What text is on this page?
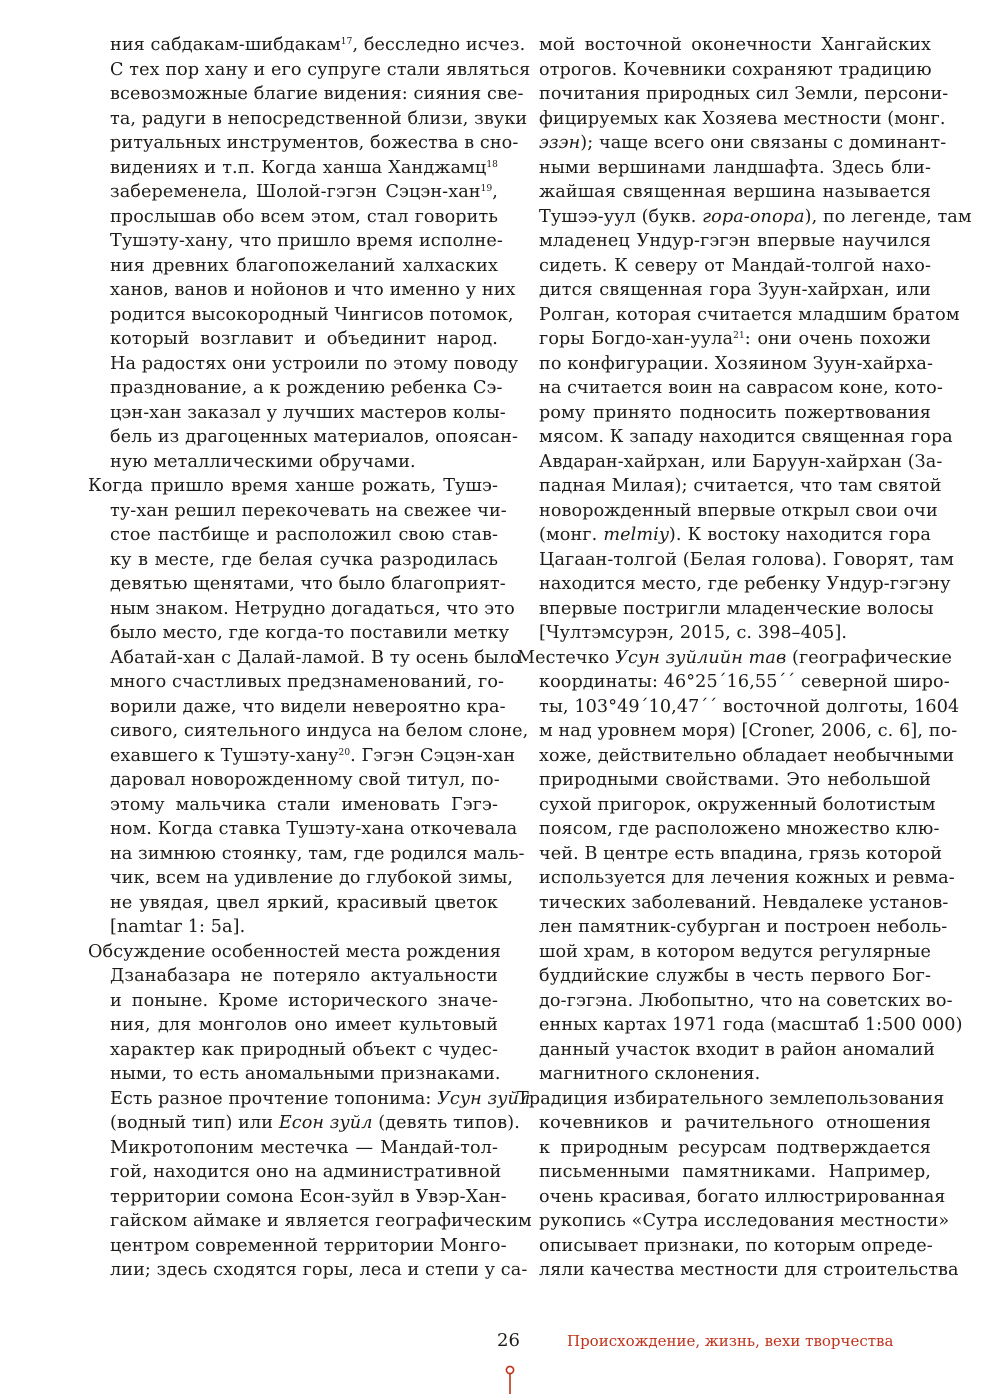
ния сабдакам-шибдакам$^{17}$, бесследно исчез.
С тех пор хану и его супруге стали являться
всевозможные благие видения: сияния све-
та, радуги в непосредственной близи, звуки
ритуальных инструментов, божества в сно-
видениях и т.п. Когда ханша Ханджамц$^{18}$
забеременела, Шолой-гэгэн Сэцэн-хан$^{19}$,
прослышав обо всем этом, стал говорить
Тушэту-хану, что пришло время исполне-
ния древних благопожеланий халхаских
ханов, ванов и нойонов и что именно у них
родится высокородный Чингисов потомок,
который возглавит и объединит народ.
На радостях они устроили по этому поводу
празднование, а к рождению ребенка Сэ-
цэн-хан заказал у лучших мастеров колы-
бель из драгоценных материалов, опоясан-
ную металлическими обручами.
Когда пришло время ханше рожать, Тушэ-
ту-хан решил перекочевать на свежее чи-
стое пастбище и расположил свою став-
ку в месте, где белая сучка разродилась
девятью щенятами, что было благоприят-
ным знаком. Нетрудно догадаться, что это
было место, где когда-то поставили метку
Абатай-хан с Далай-ламой. В ту осень было
много счастливых предзнаменований, го-
ворили даже, что видели невероятно кра-
сивого, сиятельного индуса на белом слоне,
ехавшего к Тушэту-хану$^{20}$. Гэгэн Сэцэн-хан
даровал новорожденному свой титул, по-
этому мальчика стали именовать Гэгэ-
ном. Когда ставка Тушэту-хана откочевала
на зимнюю стоянку, там, где родился маль-
чик, всем на удивление до глубокой зимы,
не увядая, цвел яркий, красивый цветок
[namtar 1: 5a].
Обсуждение особенностей места рождения
Дзанабазара не потеряло актуальности
и поныне. Кроме исторического значе-
ния, для монголов оно имеет культовый
характер как природный объект с чудес-
ными, то есть аномальными признаками.
Есть разное прочтение топонима: Усун зуйл
(водный тип) или Есон зуйл (девять типов).
Микротопоним местечка — Мандай-тол-
гой, находится оно на административной
территории сомона Есон-зуйл в Увэр-Хан-
гайском аймаке и является географическим
центром современной территории Монго-
лии; здесь сходятся горы, леса и степи у са-
мой восточной оконечности Хангайских
отрогов. Кочевники сохраняют традицию
почитания природных сил Земли, персони-
фицируемых как Хозяева местности (монг.
эзэн); чаще всего они связаны с доминант-
ными вершинами ландшафта. Здесь бли-
жайшая священная вершина называется
Тушээ-уул (букв. гора-опора), по легенде, там
младенец Ундур-гэгэн впервые научился
сидеть. К северу от Мандай-толгой нахо-
дится священная гора Зуун-хайрхан, или
Ролган, которая считается младшим братом
горы Богдо-хан-уула$^{21}$: они очень похожи
по конфигурации. Хозяином Зуун-хайрха-
на считается воин на саврасом коне, кото-
рому принято подносить пожертвования
мясом. К западу находится священная гора
Авдаран-хайрхан, или Баруун-хайрхан (За-
падная Милая); считается, что там святой
новорожденный впервые открыл свои очи
(монг. melmiy). К востоку находится гора
Цагаан-толгой (Белая голова). Говорят, там
находится место, где ребенку Ундур-гэгэну
впервые постригли младенческие волосы
[Чултэмсурэн, 2015, с. 398–405].
Местечко Усун зуйлийн тав (географические
координаты: 46°25´16,55´´ северной широ-
ты, 103°49´10,47´´ восточной долготы, 1604
м над уровнем моря) [Croner, 2006, с. 6], по-
хоже, действительно обладает необычными
природными свойствами. Это небольшой
сухой пригорок, окруженный болотистым
поясом, где расположено множество клю-
чей. В центре есть впадина, грязь которой
используется для лечения кожных и ревма-
тических заболеваний. Невдалеке установ-
лен памятник-субурган и построен неболь-
шой храм, в котором ведутся регулярные
буддийские службы в честь первого Бог-
до-гэгэна. Любопытно, что на советских во-
енных картах 1971 года (масштаб 1:500 000)
данный участок входит в район аномалий
магнитного склонения.
Традиция избирательного землепользования
кочевников и рачительного отношения
к природным ресурсам подтверждается
письменными памятниками. Например,
очень красивая, богато иллюстрированная
рукопись «Сутра исследования местности»
описывает признаки, по которым опреде-
ляли качества местности для строительства
26	Происхождение, жизнь, вехи творчества
